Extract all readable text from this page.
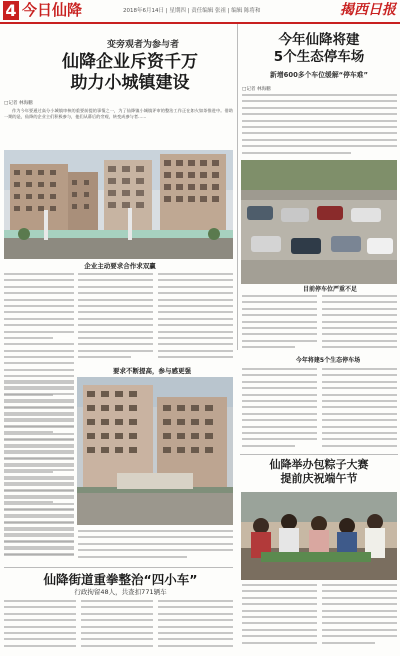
4 今日仙降	2018年6月14日 | 星期四 | 责任编辑 张祖 | 编辑 陈将和	揭西日报
变旁观者为参与者
仙降企业斥资千万
助力小城镇建设
□记者 林海鹏

作为今年要通过高分小城镇审核的重要前提的事情之一，为了仙降镇小城镇评审的整治工作正在如火如荼推进中。借助一期的是，仙降的企业主们积极参与，他们从幕后的旁观，转变成参与者……

企业主动要求合作求双赢
要求不断提高，参与感更强
今年仙降将建
5个生态停车场
新增600多个车位缓解“停车难”
□记者 林海鹏
目前停车位严重不足
今年将建5个生态停车场
仙降举办包粽子大赛
提前庆祝端午节
仙降街道重拳整治“四小车”
行政拘留48人，共查扣771辆车
